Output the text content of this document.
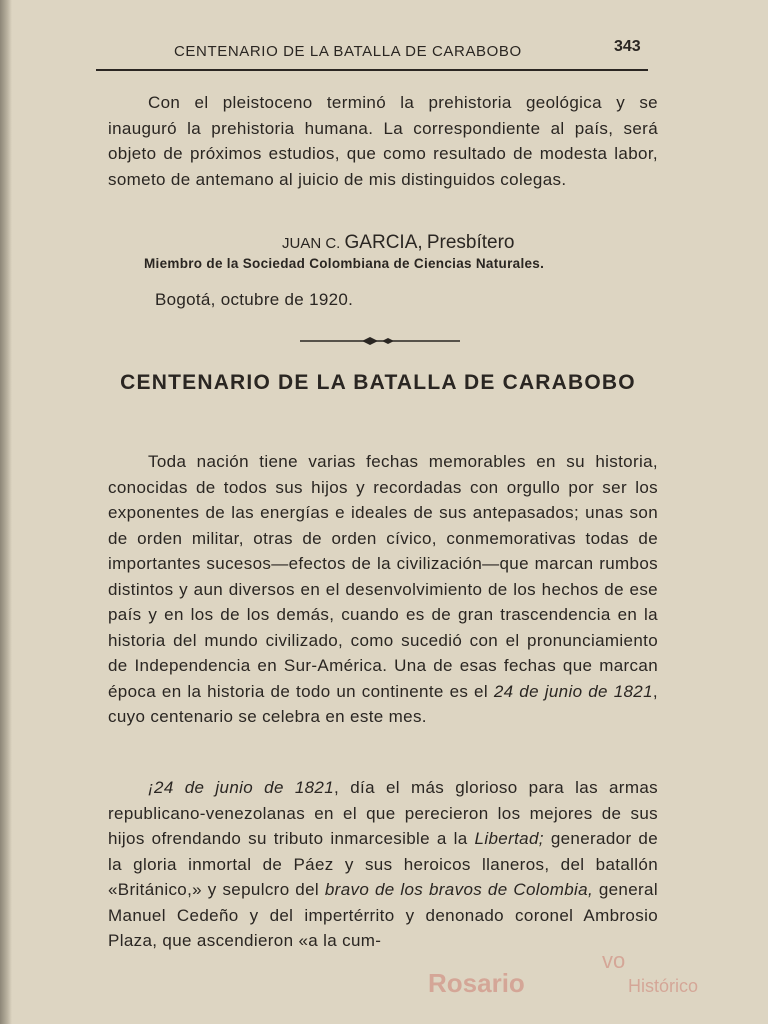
CENTENARIO DE LA BATALLA DE CARABOBO	343

Con el pleistoceno terminó la prehistoria geológica y se inauguró la prehistoria humana. La correspondiente al país, será objeto de próximos estudios, que como resultado de modesta labor, someto de antemano al juicio de mis distinguidos colegas.

JUAN C. GARCIA, Presbítero
Miembro de la Sociedad Colombiana de Ciencias Naturales.
Bogotá, octubre de 1920.
CENTENARIO DE LA BATALLA DE CARABOBO

Toda nación tiene varias fechas memorables en su historia, conocidas de todos sus hijos y recordadas con orgullo por ser los exponentes de las energías e ideales de sus antepasados; unas son de orden militar, otras de orden cívico, conmemorativas todas de importantes sucesos—efectos de la civilización—que marcan rumbos distintos y aun diversos en el desenvolvimiento de los hechos de ese país y en los de los demás, cuando es de gran trascendencia en la historia del mundo civilizado, como sucedió con el pronunciamiento de Independencia en Sur-América. Una de esas fechas que marcan época en la historia de todo un continente es el 24 de junio de 1821, cuyo centenario se celebra en este mes.

¡24 de junio de 1821, día el más glorioso para las armas republicano-venezolanas en el que perecieron los mejores de sus hijos ofrendando su tributo inmarcesible a la Libertad; generador de la gloria inmortal de Páez y sus heroicos llaneros, del batallón «Británico,» y sepulcro del bravo de los bravos de Colombia, general Manuel Cedeño y del impertérrito y denonado coronel Ambrosio Plaza, que ascendieron «a la cum-

Rosario
vo
Histórico
